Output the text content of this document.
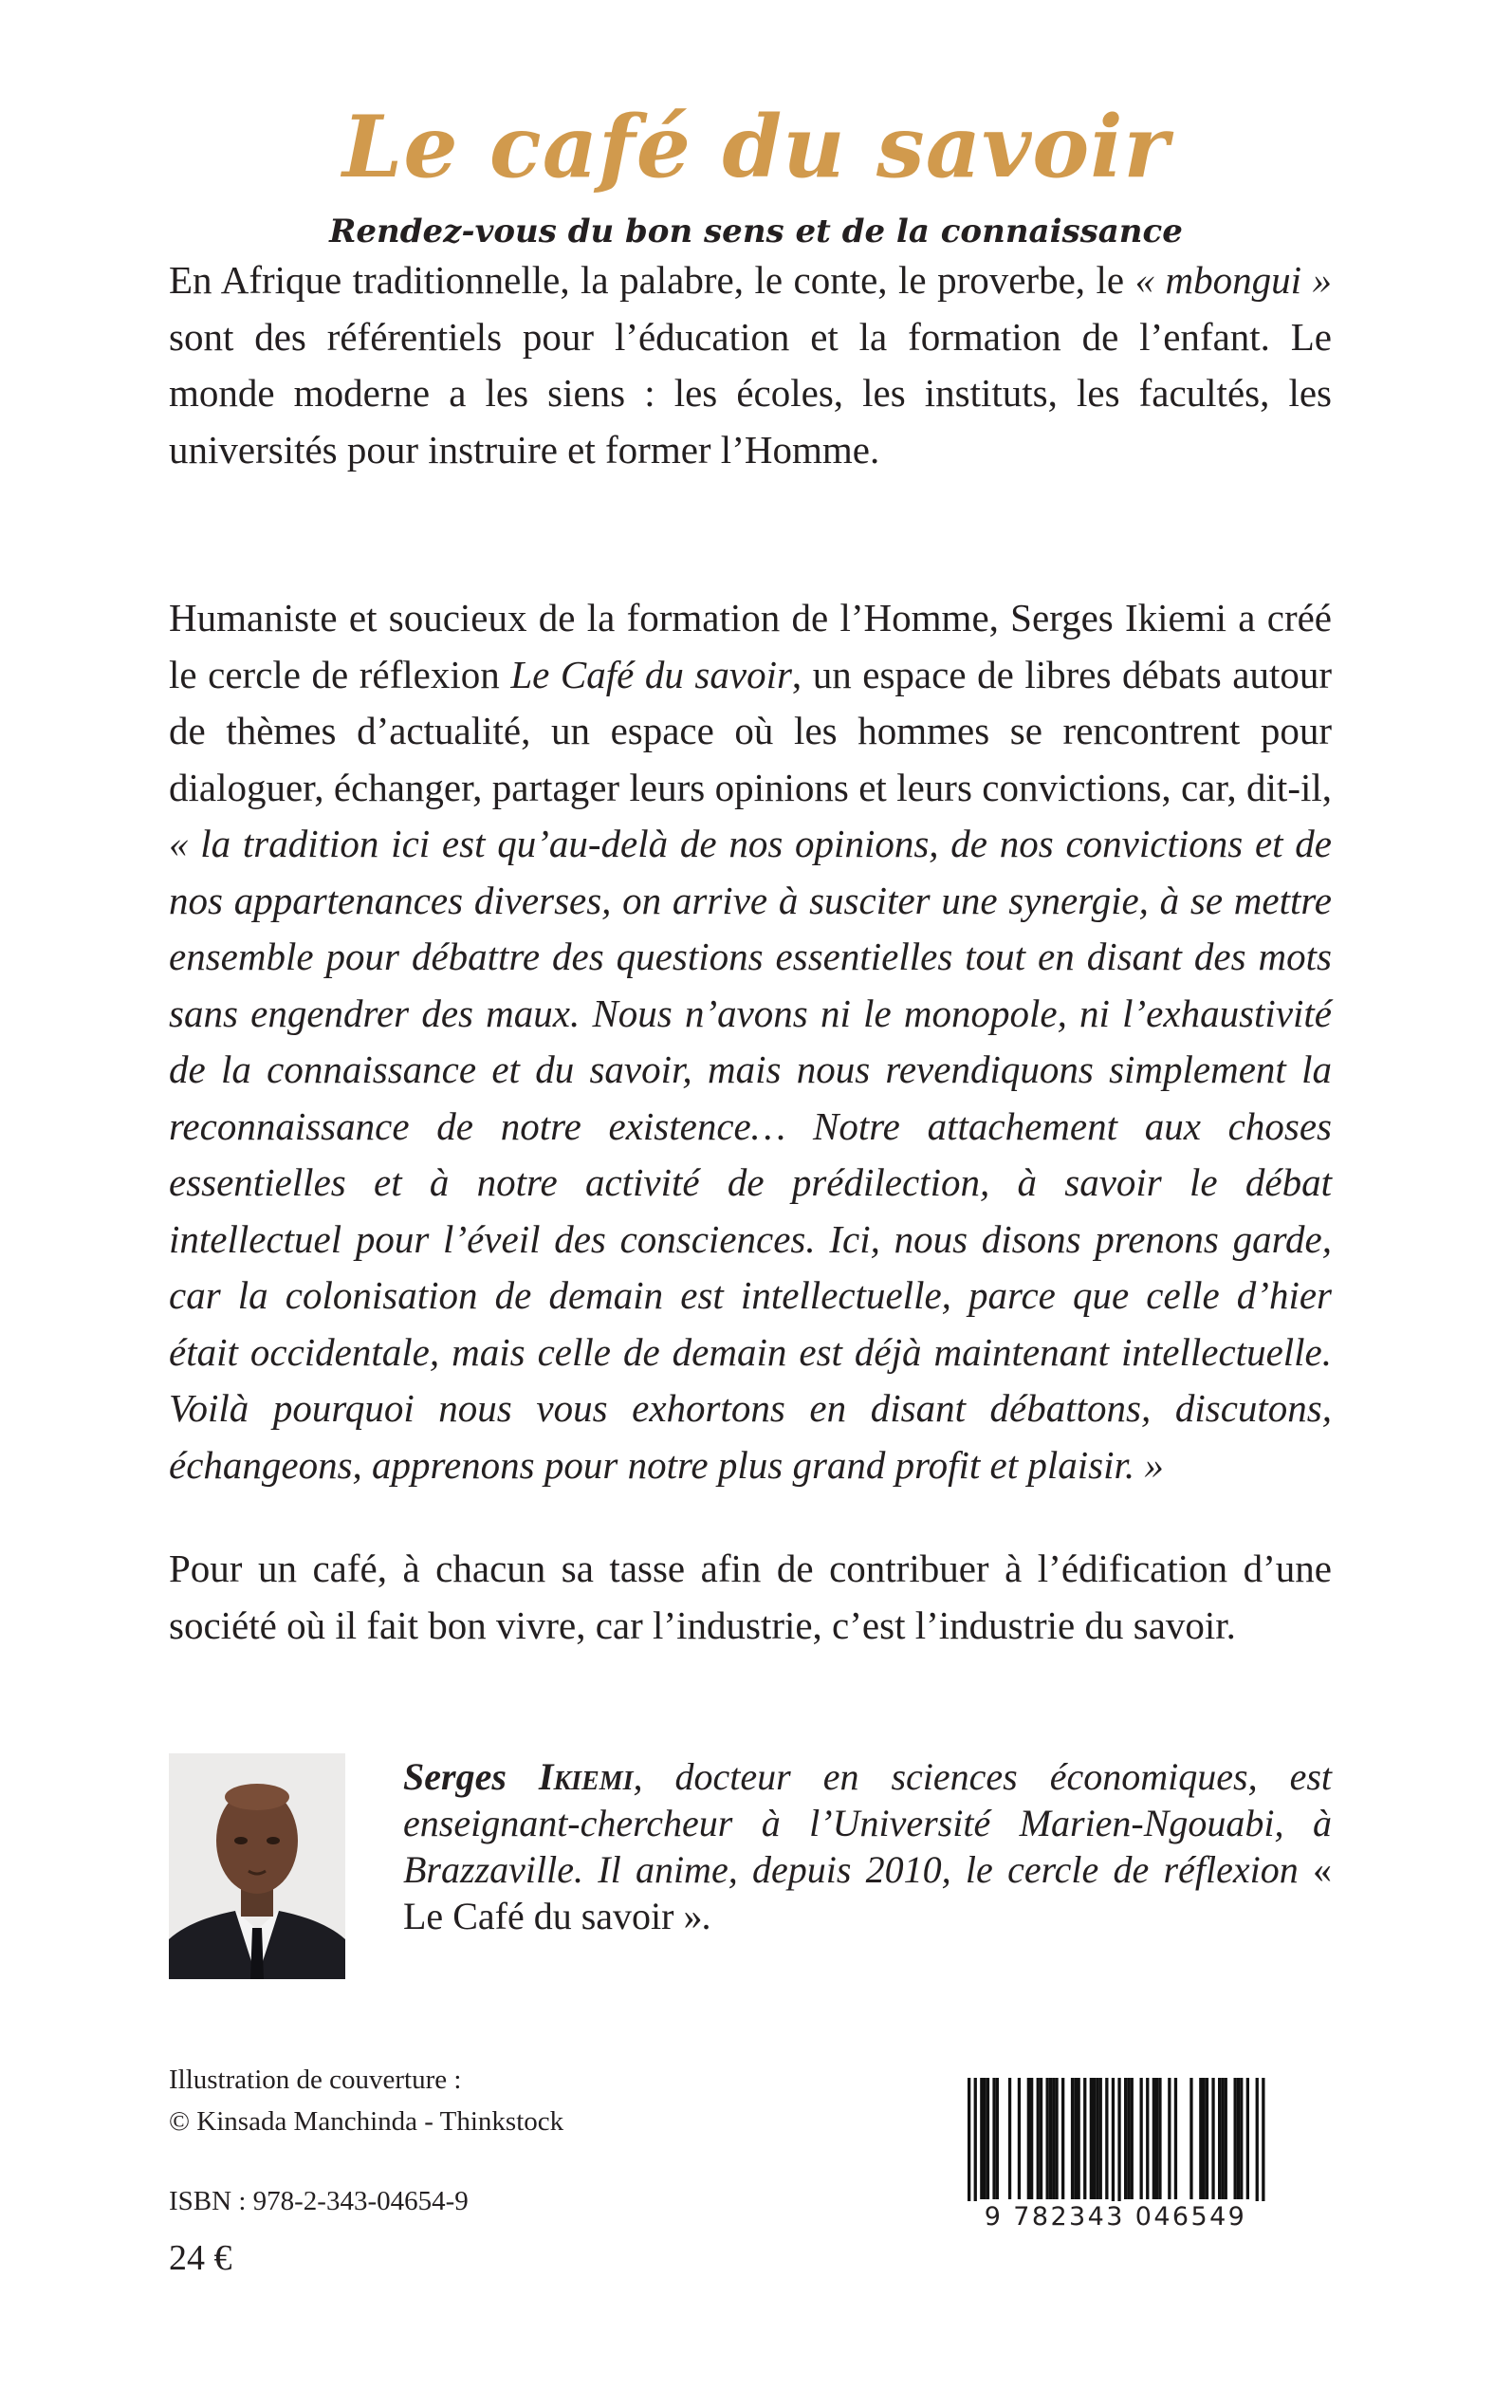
Le café du savoir
Rendez-vous du bon sens et de la connaissance

En Afrique traditionnelle, la palabre, le conte, le proverbe, le « mbongui » sont des référentiels pour l’éducation et la formation de l’enfant. Le monde moderne a les siens : les écoles, les instituts, les facultés, les universités pour instruire et former l’Homme.

Humaniste et soucieux de la formation de l’Homme, Serges Ikiemi a créé le cercle de réflexion Le Café du savoir, un espace de libres débats autour de thèmes d’actualité, un espace où les hommes se rencontrent pour dialoguer, échanger, partager leurs opinions et leurs convictions, car, dit-il, « la tradition ici est qu’au-delà de nos opinions, de nos convictions et de nos appartenances diverses, on arrive à susciter une synergie, à se mettre ensemble pour débattre des questions essentielles tout en disant des mots sans engendrer des maux. Nous n’avons ni le monopole, ni l’exhaustivité de la connaissance et du savoir, mais nous revendiquons simplement la reconnaissance de notre existence… Notre attachement aux choses essentielles et à notre activité de prédilection, à savoir le débat intellectuel pour l’éveil des consciences. Ici, nous disons prenons garde, car la colonisation de demain est intellectuelle, parce que celle d’hier était occidentale, mais celle de demain est déjà maintenant intellectuelle. Voilà pourquoi nous vous exhortons en disant débattons, discutons, échangeons, apprenons pour notre plus grand profit et plaisir. »

Pour un café, à chacun sa tasse afin de contribuer à l’édification d’une société où il fait bon vivre, car l’industrie, c’est l’industrie du savoir.

Serges Ikiemi, docteur en sciences économiques, est enseignant-chercheur à l’Université Marien-Ngouabi, à Brazzaville. Il anime, depuis 2010, le cercle de réflexion « Le Café du savoir ».

Illustration de couverture :
© Kinsada Manchinda - Thinkstock
ISBN : 978-2-343-04654-9
24 €
9 782343 046549
